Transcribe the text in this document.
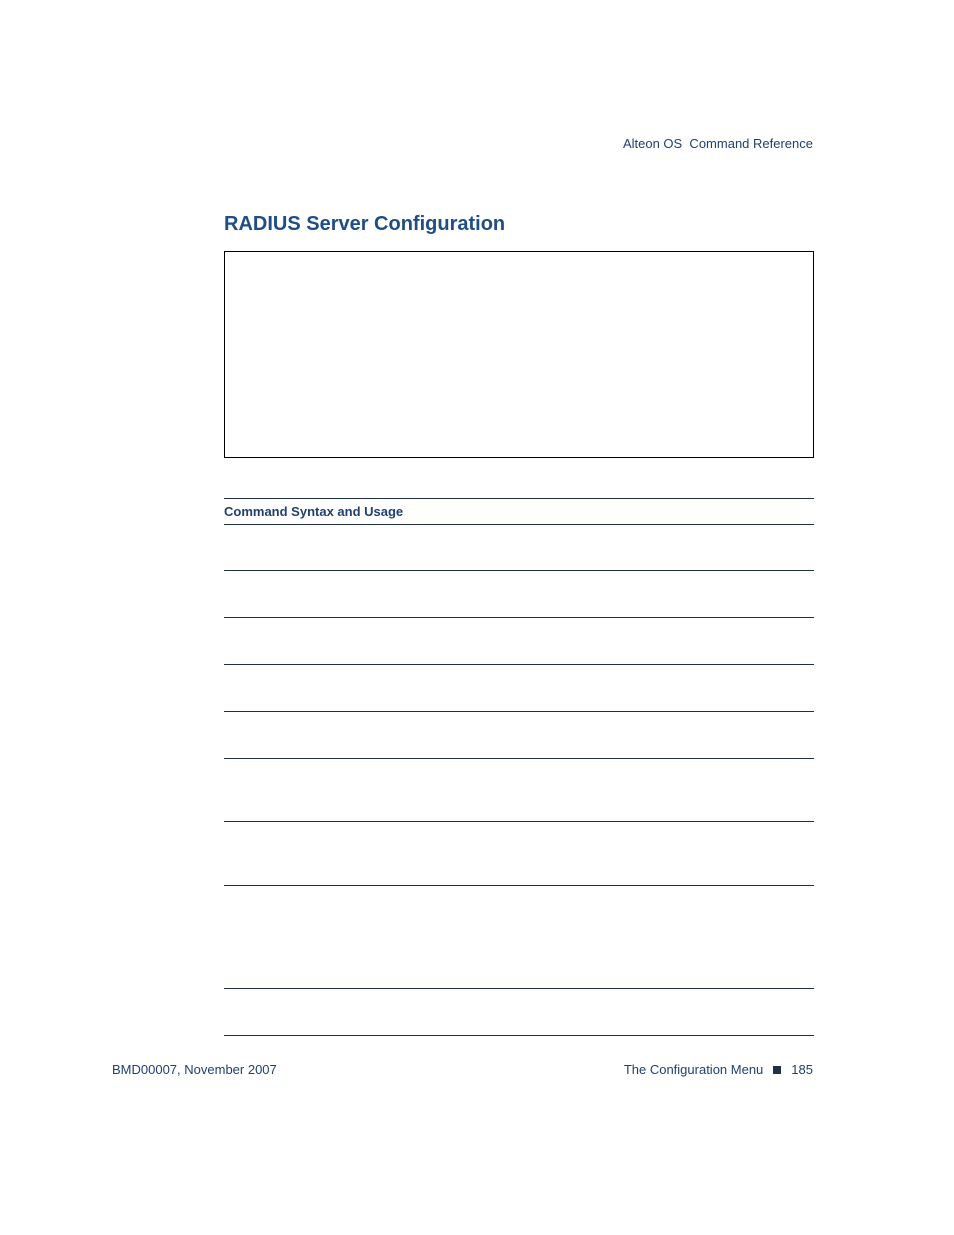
Alteon OS  Command Reference
RADIUS Server Configuration
Command Syntax and Usage
BMD00007, November 2007	The Configuration Menu 185
